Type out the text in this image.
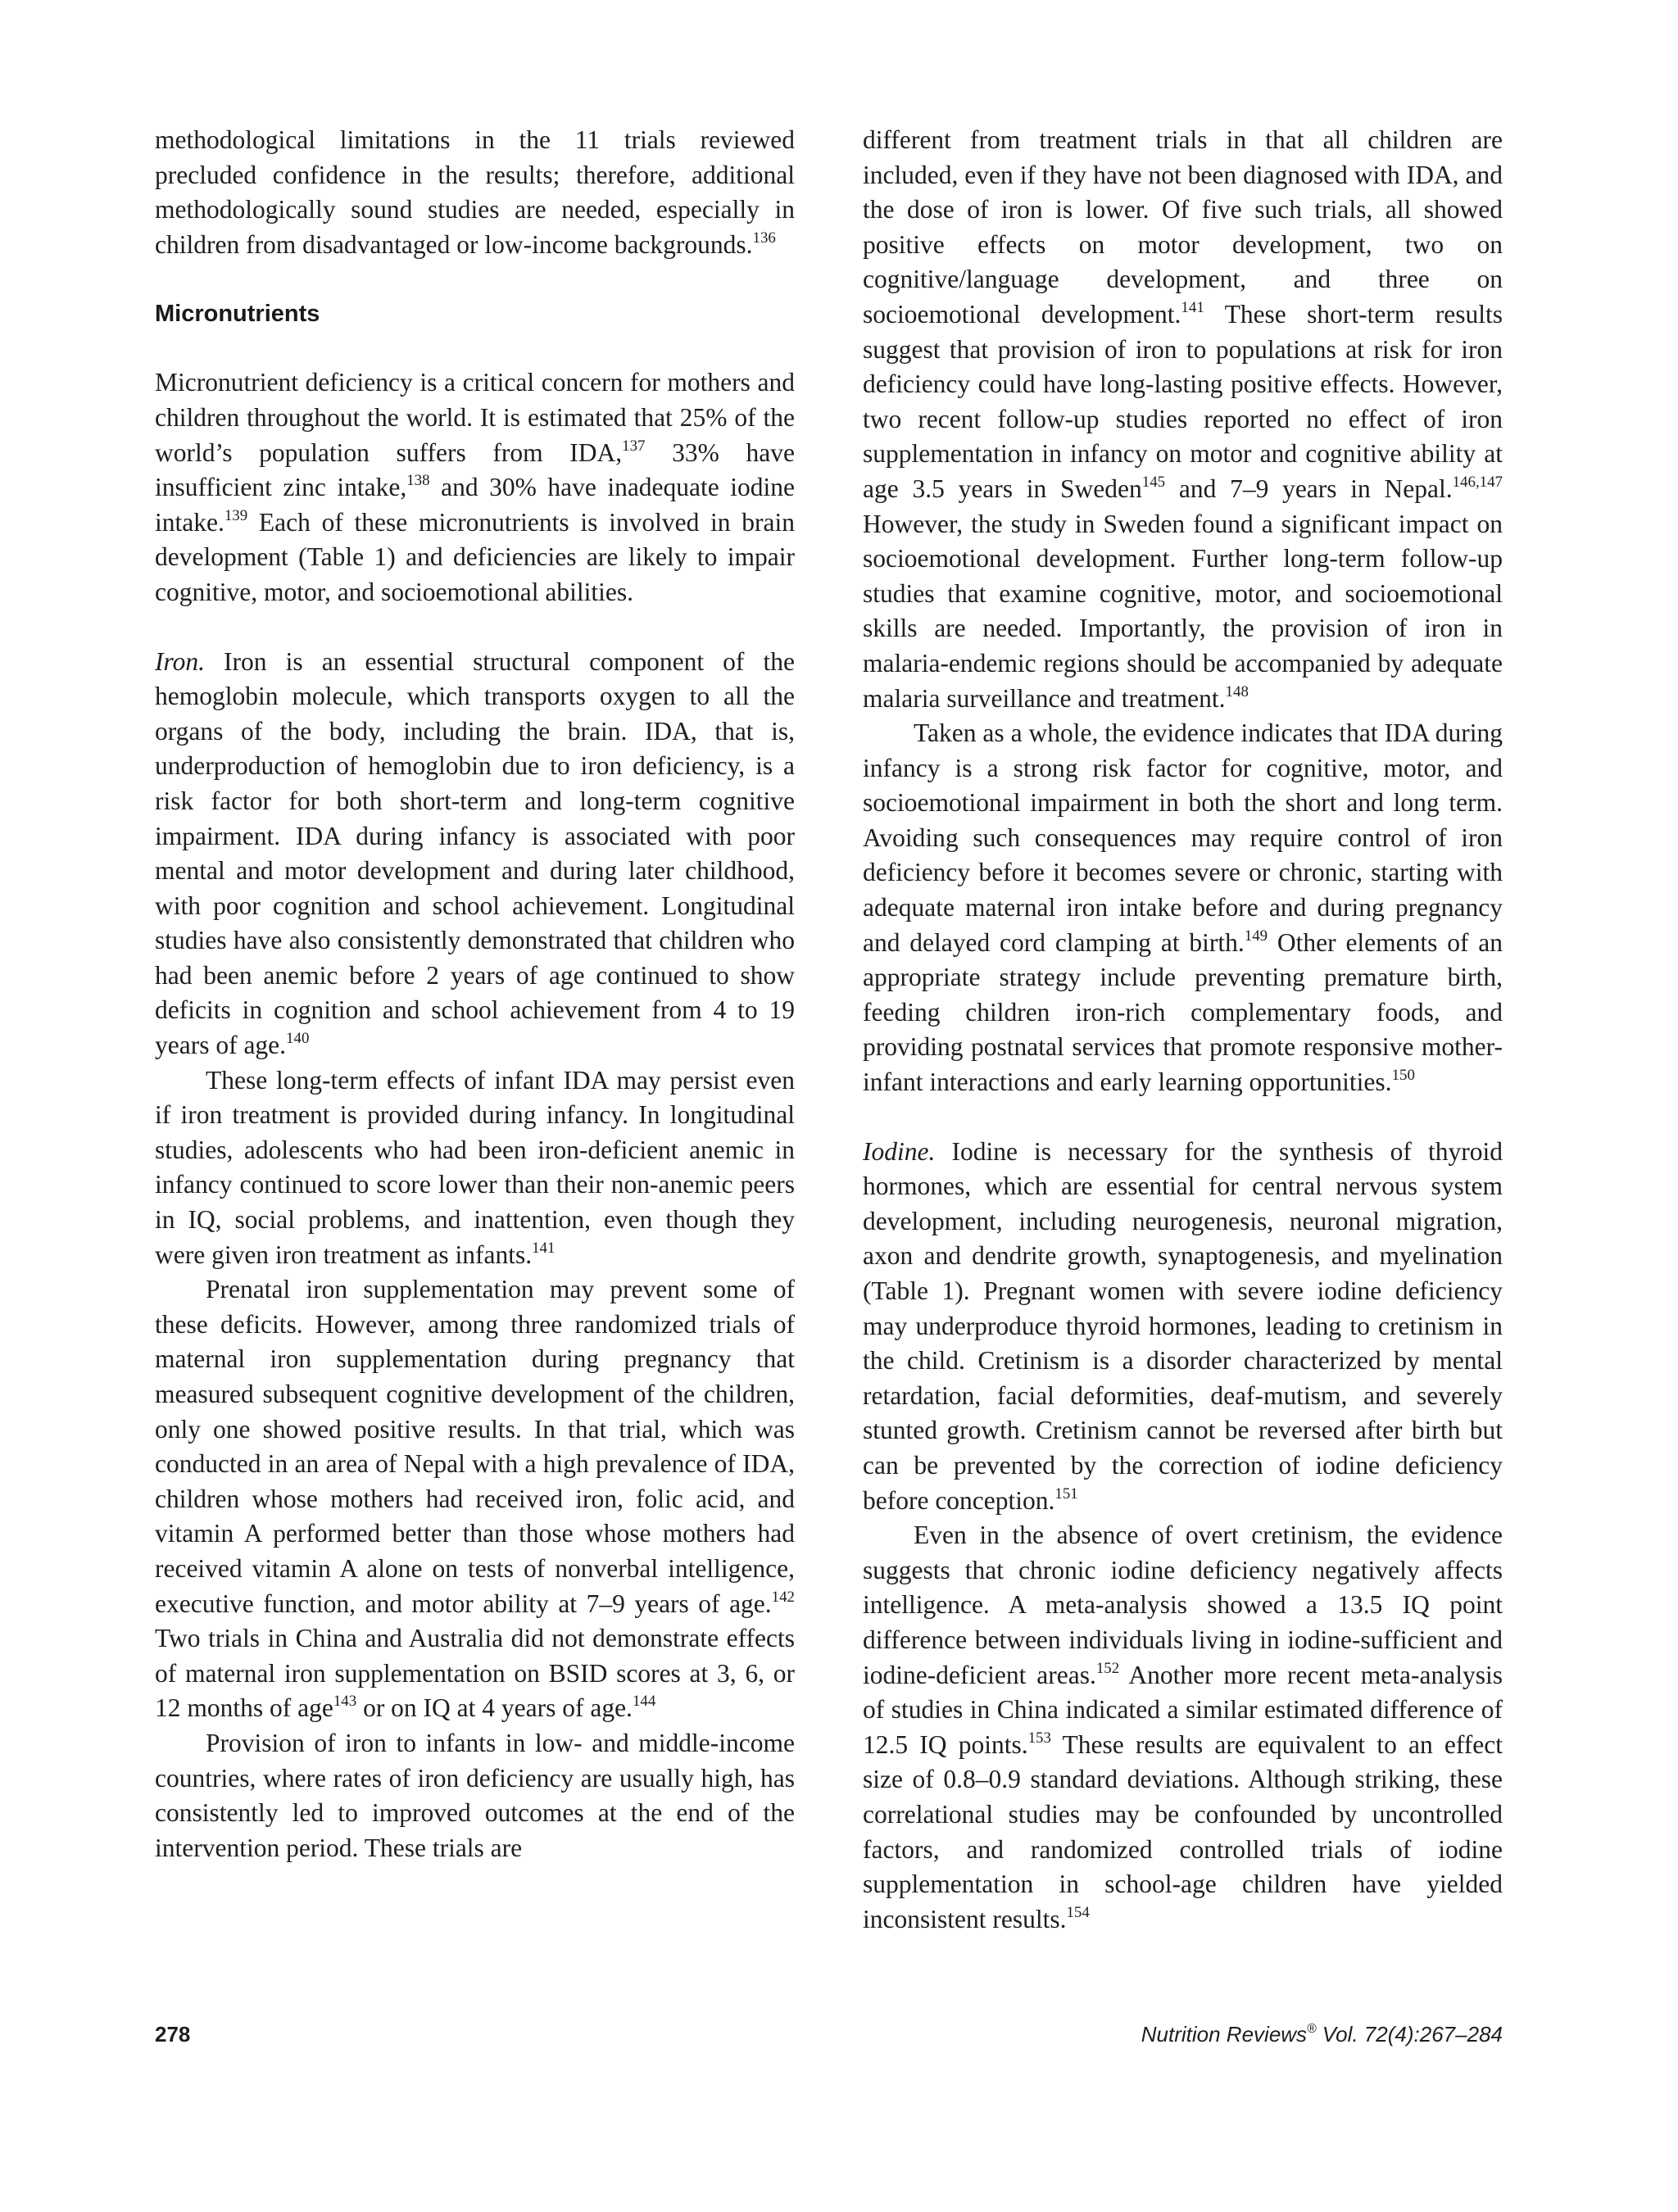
methodological limitations in the 11 trials reviewed precluded confidence in the results; therefore, additional methodologically sound studies are needed, especially in children from disadvantaged or low-income backgrounds.$^{136}$

Micronutrients

Micronutrient deficiency is a critical concern for mothers and children throughout the world. It is estimated that 25% of the world’s population suffers from IDA,$^{137}$ 33% have insufficient zinc intake,$^{138}$ and 30% have inadequate iodine intake.$^{139}$ Each of these micronutrients is involved in brain development (Table 1) and deficiencies are likely to impair cognitive, motor, and socioemotional abilities.

Iron. Iron is an essential structural component of the hemoglobin molecule, which transports oxygen to all the organs of the body, including the brain. IDA, that is, underproduction of hemoglobin due to iron deficiency, is a risk factor for both short-term and long-term cognitive impairment. IDA during infancy is associated with poor mental and motor development and during later childhood, with poor cognition and school achievement. Longitudinal studies have also consistently demonstrated that children who had been anemic before 2 years of age continued to show deficits in cognition and school achievement from 4 to 19 years of age.$^{140}$

These long-term effects of infant IDA may persist even if iron treatment is provided during infancy. In longitudinal studies, adolescents who had been iron-deficient anemic in infancy continued to score lower than their non-anemic peers in IQ, social problems, and inattention, even though they were given iron treatment as infants.$^{141}$

Prenatal iron supplementation may prevent some of these deficits. However, among three randomized trials of maternal iron supplementation during pregnancy that measured subsequent cognitive development of the children, only one showed positive results. In that trial, which was conducted in an area of Nepal with a high prevalence of IDA, children whose mothers had received iron, folic acid, and vitamin A performed better than those whose mothers had received vitamin A alone on tests of nonverbal intelligence, executive function, and motor ability at 7–9 years of age.$^{142}$ Two trials in China and Australia did not demonstrate effects of maternal iron supplementation on BSID scores at 3, 6, or 12 months of age$^{143}$ or on IQ at 4 years of age.$^{144}$

Provision of iron to infants in low- and middle-income countries, where rates of iron deficiency are usually high, has consistently led to improved outcomes at the end of the intervention period. These trials are

different from treatment trials in that all children are included, even if they have not been diagnosed with IDA, and the dose of iron is lower. Of five such trials, all showed positive effects on motor development, two on cognitive/language development, and three on socioemotional development.$^{141}$ These short-term results suggest that provision of iron to populations at risk for iron deficiency could have long-lasting positive effects. However, two recent follow-up studies reported no effect of iron supplementation in infancy on motor and cognitive ability at age 3.5 years in Sweden$^{145}$ and 7–9 years in Nepal.$^{146,147}$ However, the study in Sweden found a significant impact on socioemotional development. Further long-term follow-up studies that examine cognitive, motor, and socioemotional skills are needed. Importantly, the provision of iron in malaria-endemic regions should be accompanied by adequate malaria surveillance and treatment.$^{148}$

Taken as a whole, the evidence indicates that IDA during infancy is a strong risk factor for cognitive, motor, and socioemotional impairment in both the short and long term. Avoiding such consequences may require control of iron deficiency before it becomes severe or chronic, starting with adequate maternal iron intake before and during pregnancy and delayed cord clamping at birth.$^{149}$ Other elements of an appropriate strategy include preventing premature birth, feeding children iron-rich complementary foods, and providing postnatal services that promote responsive mother-infant interactions and early learning opportunities.$^{150}$

Iodine. Iodine is necessary for the synthesis of thyroid hormones, which are essential for central nervous system development, including neurogenesis, neuronal migration, axon and dendrite growth, synaptogenesis, and myelination (Table 1). Pregnant women with severe iodine deficiency may underproduce thyroid hormones, leading to cretinism in the child. Cretinism is a disorder characterized by mental retardation, facial deformities, deaf-mutism, and severely stunted growth. Cretinism cannot be reversed after birth but can be prevented by the correction of iodine deficiency before conception.$^{151}$

Even in the absence of overt cretinism, the evidence suggests that chronic iodine deficiency negatively affects intelligence. A meta-analysis showed a 13.5 IQ point difference between individuals living in iodine-sufficient and iodine-deficient areas.$^{152}$ Another more recent meta-analysis of studies in China indicated a similar estimated difference of 12.5 IQ points.$^{153}$ These results are equivalent to an effect size of 0.8–0.9 standard deviations. Although striking, these correlational studies may be confounded by uncontrolled factors, and randomized controlled trials of iodine supplementation in school-age children have yielded inconsistent results.$^{154}$

278	Nutrition Reviews® Vol. 72(4):267–284
